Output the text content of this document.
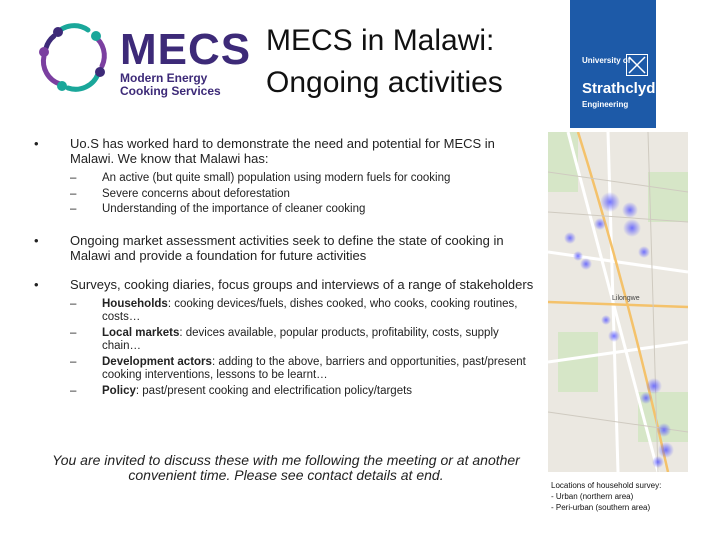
MECS
Modern Energy
Cooking Services
MECS in Malawi:
Ongoing activities
University of
Strathclyde
Engineering
•	Uo.S has worked hard to demonstrate the need and potential for MECS in Malawi. We know that Malawi has:
–	An active (but quite small) population using modern fuels for cooking
–	Severe concerns about deforestation
–	Understanding of the importance of cleaner cooking
•	Ongoing market assessment activities seek to define the state of cooking in Malawi and provide a foundation for future activities
•	Surveys, cooking diaries, focus groups and interviews of a range of stakeholders
–	Households: cooking devices/fuels, dishes cooked, who cooks, cooking routines, costs…
–	Local markets: devices available, popular products, profitability, costs, supply chain…
–	Development actors: adding to the above, barriers and opportunities, past/present cooking interventions, lessons to be learnt…
–	Policy: past/present cooking and electrification policy/targets
You are invited to discuss these with me following the meeting or at another convenient time. Please see contact details at end.
Lilongwe
Locations of household survey:
- Urban (northern area)
- Peri-urban (southern area)
